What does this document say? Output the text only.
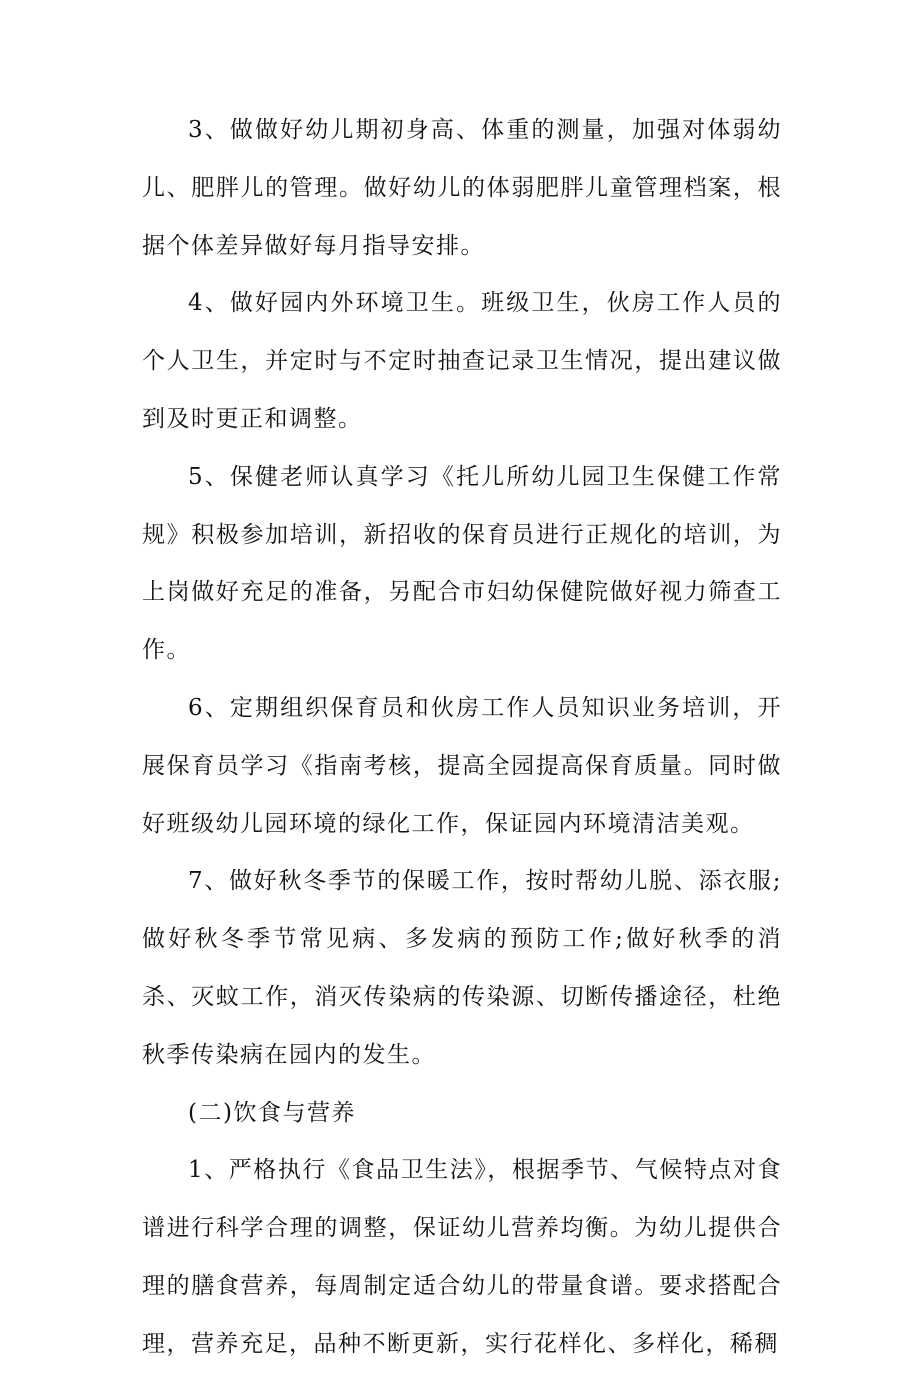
3、做做好幼儿期初身高、体重的测量，加强对体弱幼儿、肥胖儿的管理。做好幼儿的体弱肥胖儿童管理档案，根据个体差异做好每月指导安排。

4、做好园内外环境卫生。班级卫生，伙房工作人员的个人卫生，并定时与不定时抽查记录卫生情况，提出建议做到及时更正和调整。

5、保健老师认真学习《托儿所幼儿园卫生保健工作常规》积极参加培训，新招收的保育员进行正规化的培训，为上岗做好充足的准备，另配合市妇幼保健院做好视力筛查工作。

6、定期组织保育员和伙房工作人员知识业务培训，开展保育员学习《指南考核，提高全园提高保育质量。同时做好班级幼儿园环境的绿化工作，保证园内环境清洁美观。

7、做好秋冬季节的保暖工作，按时帮幼儿脱、添衣服;做好秋冬季节常见病、多发病的预防工作;做好秋季的消杀、灭蚊工作，消灭传染病的传染源、切断传播途径，杜绝秋季传染病在园内的发生。

(二)饮食与营养

1、严格执行《食品卫生法》，根据季节、气候特点对食谱进行科学合理的调整，保证幼儿营养均衡。为幼儿提供合理的膳食营养，每周制定适合幼儿的带量食谱。要求搭配合理，营养充足，品种不断更新，实行花样化、多样化，稀稠
